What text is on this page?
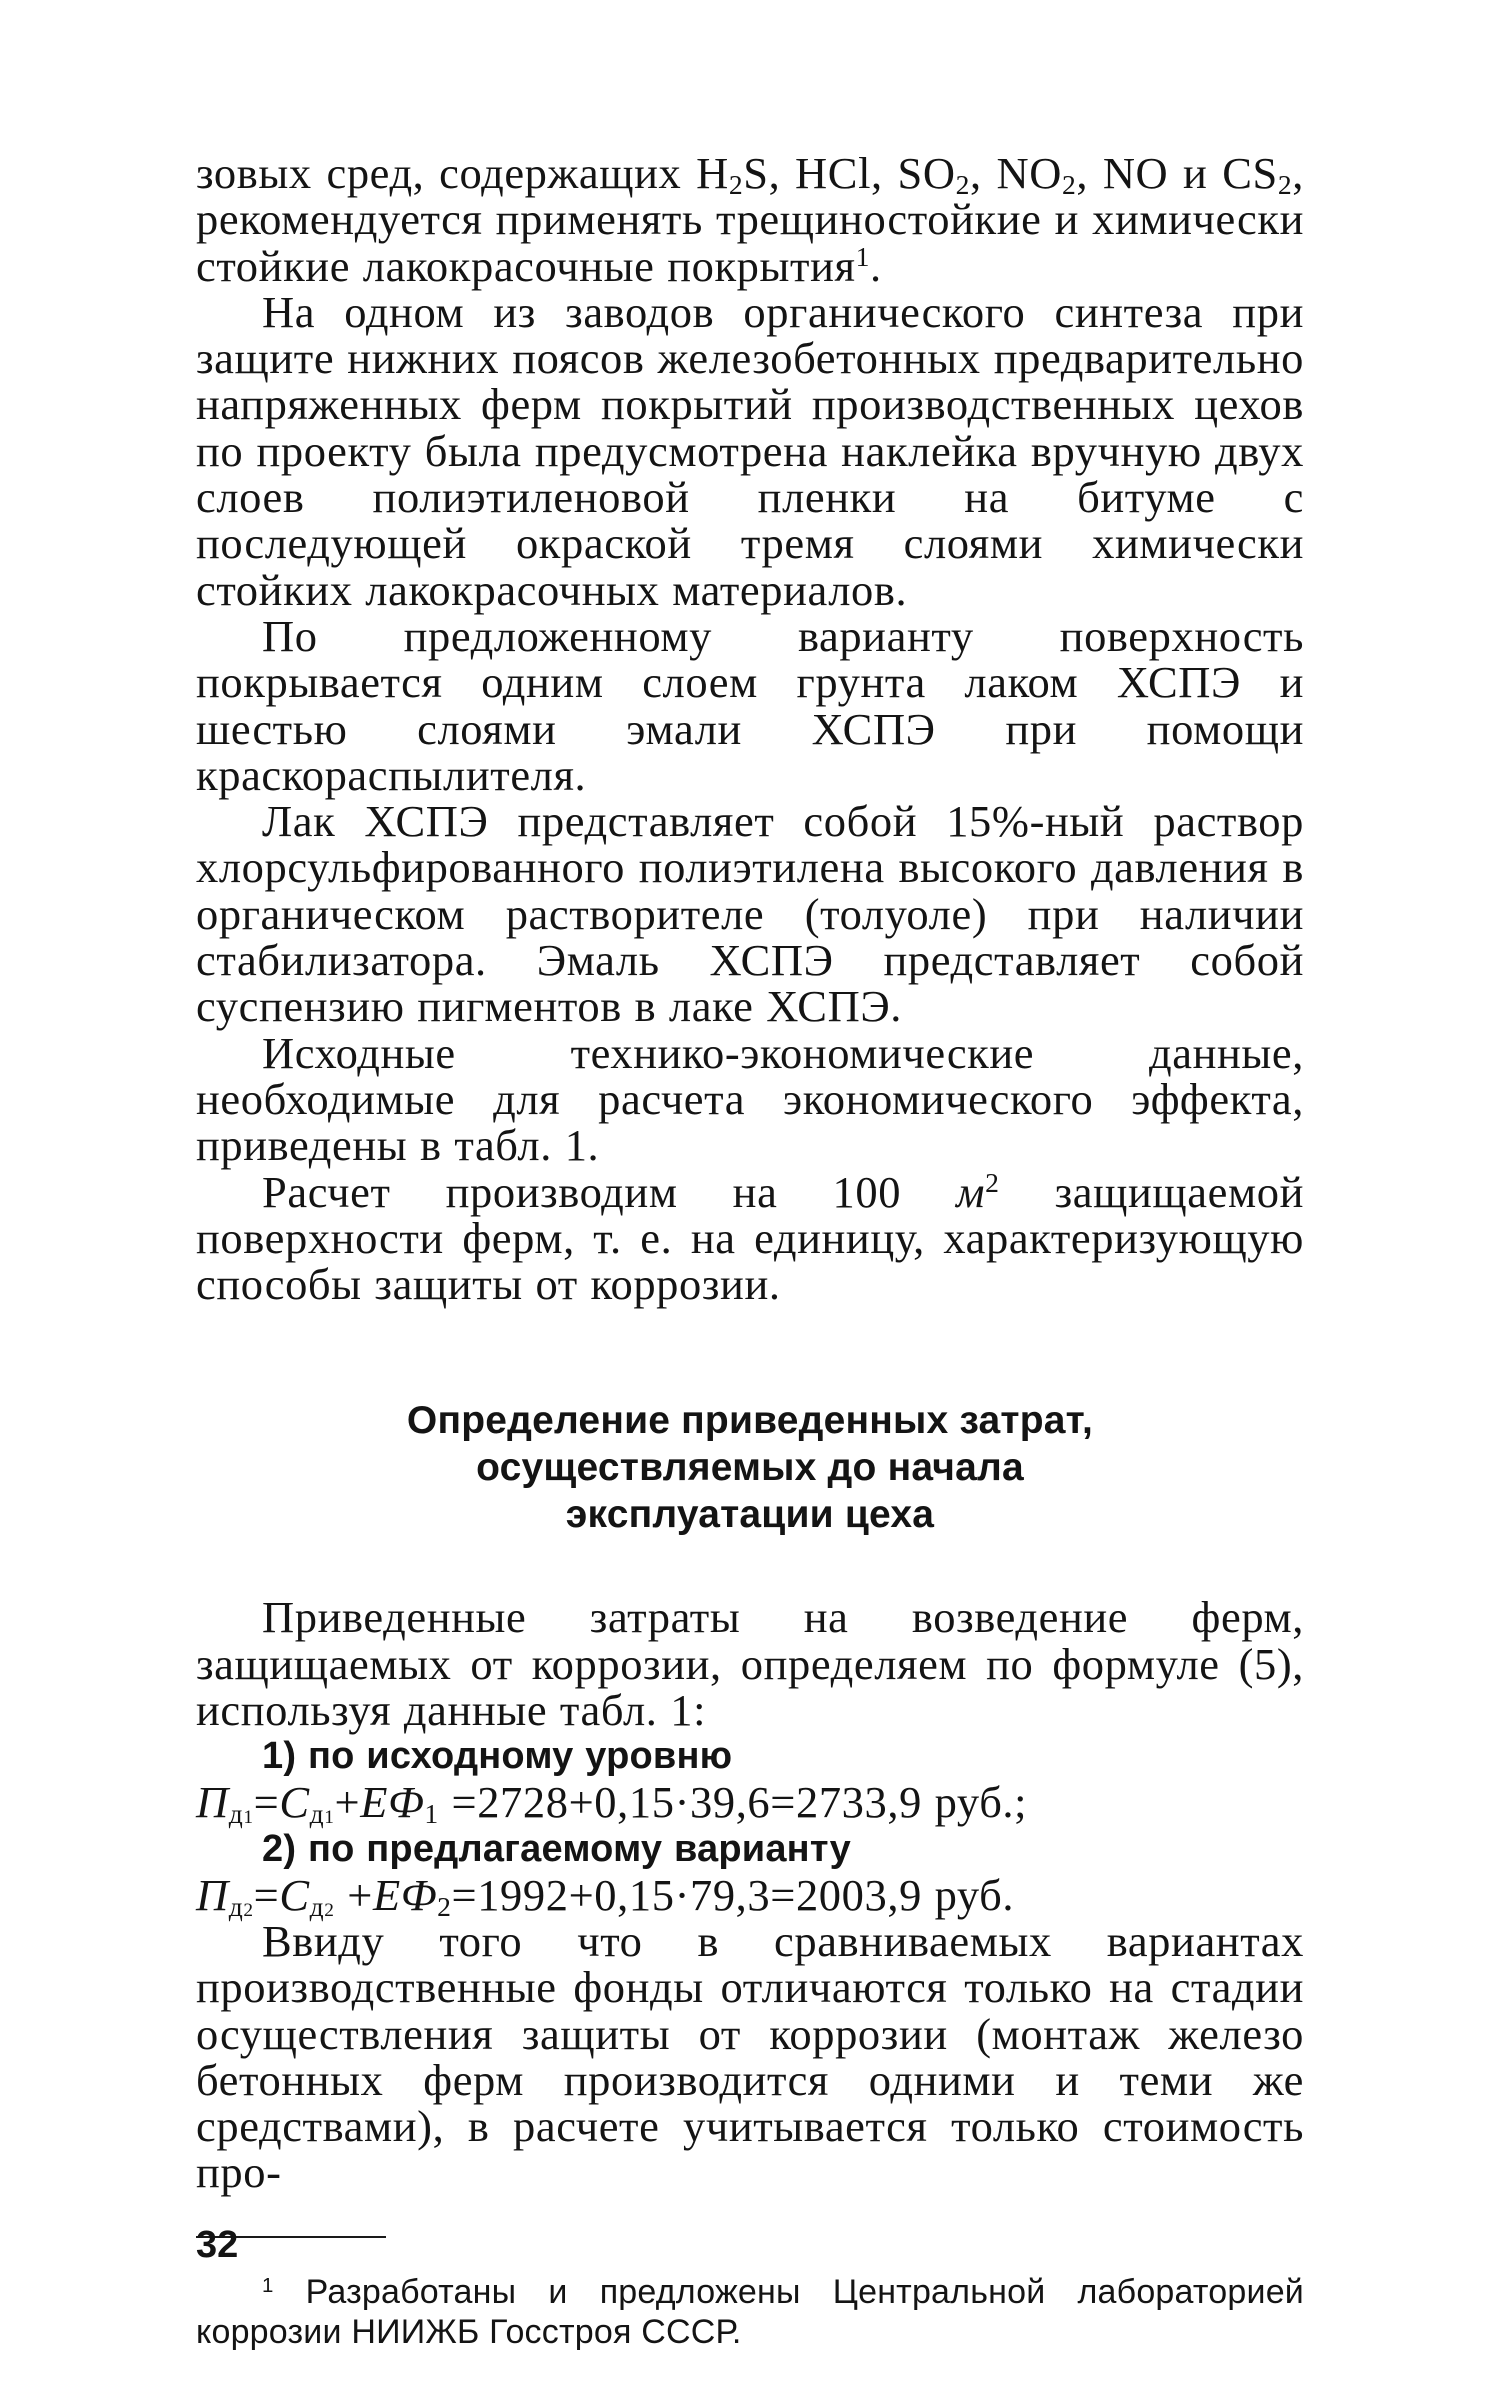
зовых сред, содержащих $H_2S$, HCl, $SO_2$, $NO_2$, NO и $CS_2$, рекомендуется применять трещиностойкие и химически стойкие лакокрасочные покрытия$^1$.

На одном из заводов органического синтеза при защите нижних поясов железобетонных предварительно напряженных ферм покрытий производственных цехов по проекту была предусмотрена наклейка вручную двух слоев полиэтиленовой пленки на битуме с последующей окраской тремя слоями химически стойких лакокрасочных материалов.

По предложенному варианту поверхность покрывается одним слоем грунта лаком ХСПЭ и шестью слоями эмали ХСПЭ при помощи краскораспылителя.

Лак ХСПЭ представляет собой 15%-ный раствор хлорсульфированного полиэтилена высокого давления в органическом растворителе (толуоле) при наличии стабилизатора. Эмаль ХСПЭ представляет собой суспензию пигментов в лаке ХСПЭ.

Исходные технико-экономические данные, необходимые для расчета экономического эффекта, приведены в табл. 1.

Расчет производим на 100 $м^2$ защищаемой поверхности ферм, т. е. на единицу, характеризующую способы защиты от коррозии.

Определение приведенных затрат,
осуществляемых до начала
эксплуатации цеха

Приведенные затраты на возведение ферм, защищаемых от коррозии, определяем по формуле (5), используя данные табл. 1:

1) по исходному уровню
$П_{д1}=С_{д1}+ЕФ_1 =2728+0,15\cdot 39,6=2733,9$ руб.;
2) по предлагаемому варианту
$П_{д2}=С_{д2} +ЕФ_2=1992+0,15\cdot 79,3=2003,9$ руб.

Ввиду того что в сравниваемых вариантах производственные фонды отличаются только на стадии осуществления защиты от коррозии (монтаж железо бетонных ферм производится одними и теми же средствами), в расчете учитывается только стоимость про-

$^1$ Разработаны и предложены Центральной лабораторией коррозии НИИЖБ Госстроя СССР.

32
